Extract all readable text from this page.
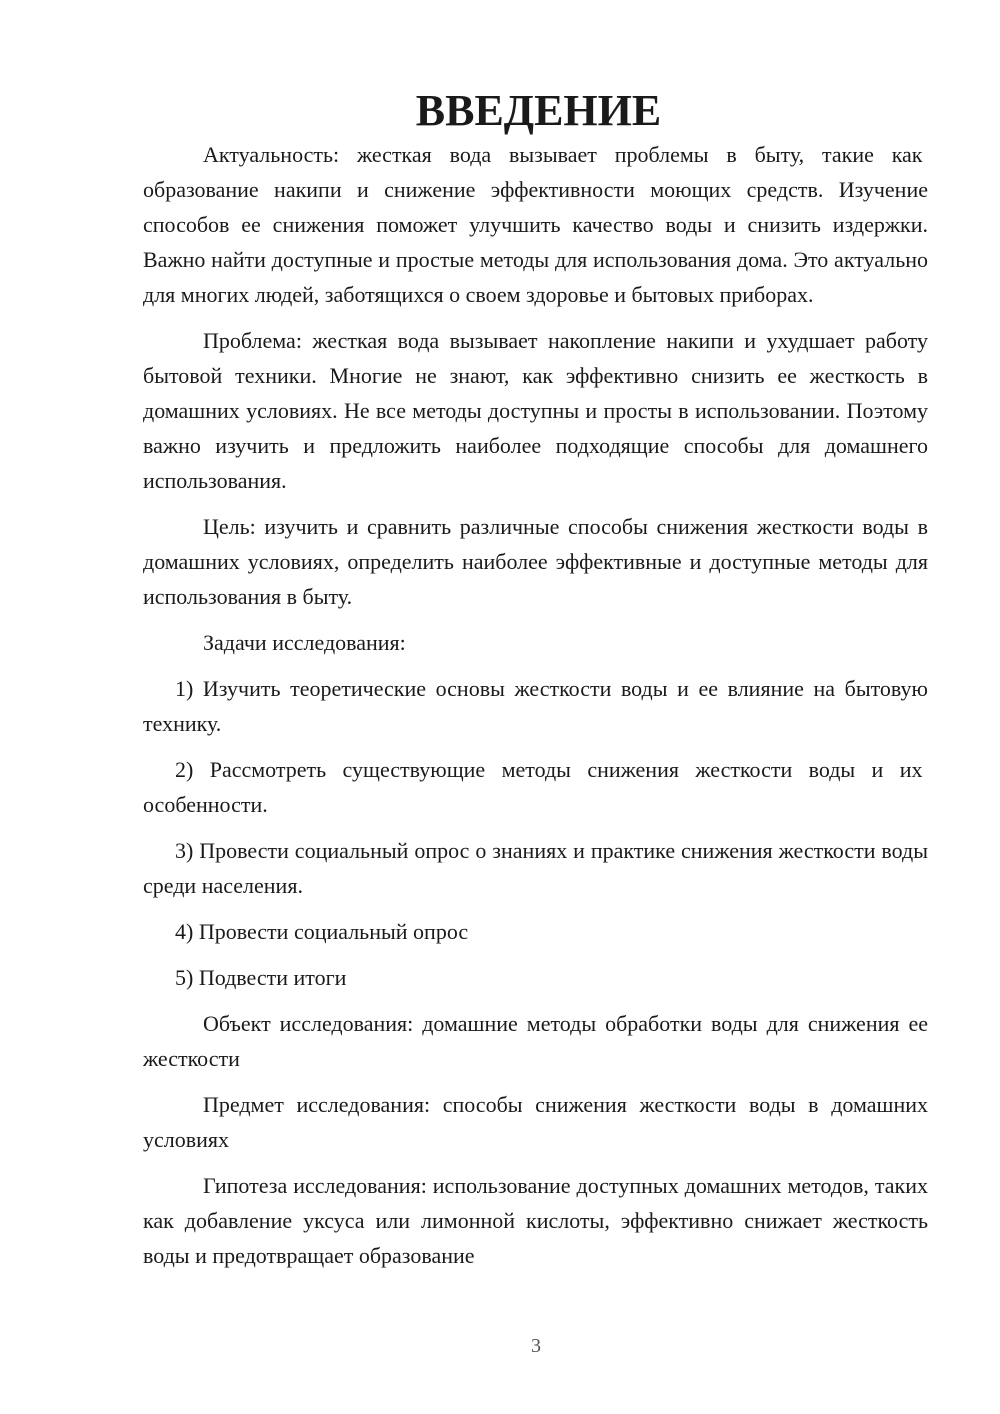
ВВЕДЕНИЕ

Актуальность: жесткая вода вызывает проблемы в быту, такие как ​образование накипи и снижение эффективности моющих средств. ​Изучение способов ее снижения поможет улучшить качество воды и ​снизить издержки. Важно найти доступные и простые методы для ​использования дома. Это актуально для многих людей, заботящихся о ​своем здоровье и бытовых приборах.

Проблема: жесткая вода вызывает накопление накипи и ухудшает ​работу бытовой техники. Многие не знают, как эффективно снизить ее ​жесткость в домашних условиях. Не все методы доступны и просты в ​использовании. Поэтому важно изучить и предложить наиболее ​подходящие способы для домашнего использования.

Цель: изучить и сравнить различные способы снижения жесткости ​воды в домашних условиях, определить наиболее эффективные и ​доступные методы для использования в быту.

Задачи исследования:

1) Изучить теоретические основы жесткости воды и ее влияние на ​бытовую технику.

2) Рассмотреть существующие методы снижения жесткости воды и их ​особенности.

3) Провести социальный опрос о знаниях и практике снижения ​жесткости воды среди населения.

4) Провести социальный опрос

5) Подвести итоги

Объект исследования: домашние методы обработки воды для ​снижения ее жесткости

Предмет исследования: способы снижения жесткости воды в ​домашних условиях

Гипотеза исследования: использование доступных домашних ​методов, таких как добавление уксуса или лимонной кислоты, ​эффективно снижает жесткость воды и предотвращает образование

3
